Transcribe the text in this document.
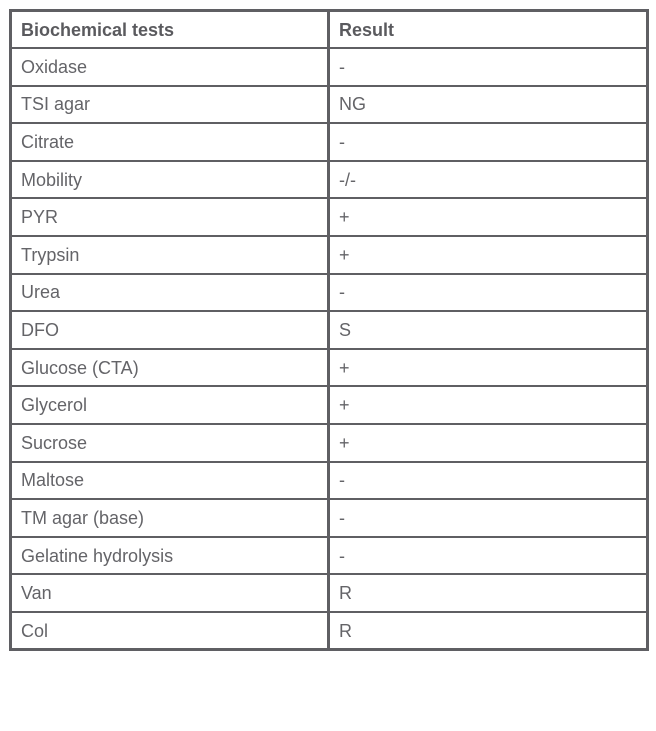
Biochemical tests	Result
Oxidase	-
TSI agar	NG
Citrate	-
Mobility	-/-
PYR	+
Trypsin	+
Urea	-
DFO	S
Glucose (CTA)	+
Glycerol	+
Sucrose	+
Maltose	-
TM agar (base)	-
Gelatine hydrolysis	-
Van	R
Col	R
